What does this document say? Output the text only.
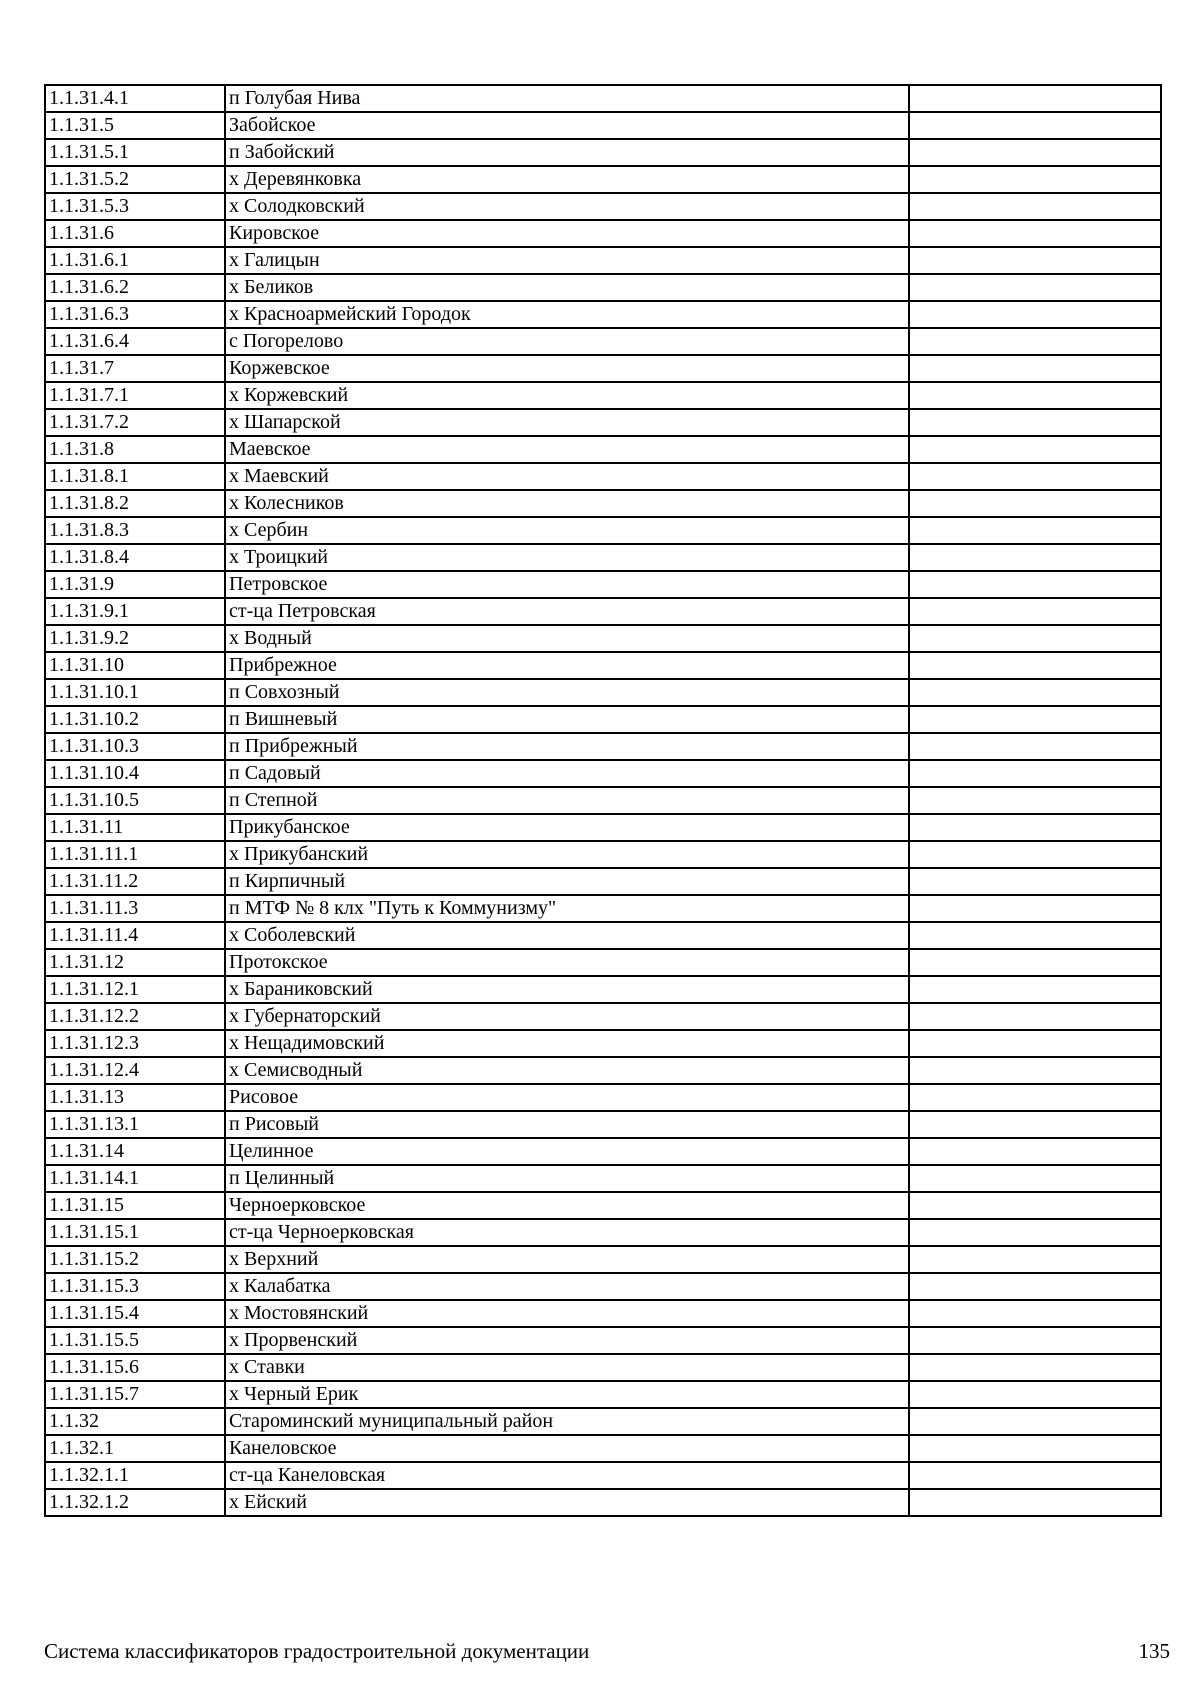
1.1.31.4.1	п Голубая Нива	
1.1.31.5	Забойское	
1.1.31.5.1	п Забойский	
1.1.31.5.2	х Деревянковка	
1.1.31.5.3	х Солодковский	
1.1.31.6	Кировское	
1.1.31.6.1	х Галицын	
1.1.31.6.2	х Беликов	
1.1.31.6.3	х Красноармейский Городок	
1.1.31.6.4	с Погорелово	
1.1.31.7	Коржевское	
1.1.31.7.1	х Коржевский	
1.1.31.7.2	х Шапарской	
1.1.31.8	Маевское	
1.1.31.8.1	х Маевский	
1.1.31.8.2	х Колесников	
1.1.31.8.3	х Сербин	
1.1.31.8.4	х Троицкий	
1.1.31.9	Петровское	
1.1.31.9.1	ст-ца Петровская	
1.1.31.9.2	х Водный	
1.1.31.10	Прибрежное	
1.1.31.10.1	п Совхозный	
1.1.31.10.2	п Вишневый	
1.1.31.10.3	п Прибрежный	
1.1.31.10.4	п Садовый	
1.1.31.10.5	п Степной	
1.1.31.11	Прикубанское	
1.1.31.11.1	х Прикубанский	
1.1.31.11.2	п Кирпичный	
1.1.31.11.3	п МТФ № 8 клх "Путь к Коммунизму"	
1.1.31.11.4	х Соболевский	
1.1.31.12	Протокское	
1.1.31.12.1	х Бараниковский	
1.1.31.12.2	х Губернаторский	
1.1.31.12.3	х Нещадимовский	
1.1.31.12.4	х Семисводный	
1.1.31.13	Рисовое	
1.1.31.13.1	п Рисовый	
1.1.31.14	Целинное	
1.1.31.14.1	п Целинный	
1.1.31.15	Черноерковское	
1.1.31.15.1	ст-ца Черноерковская	
1.1.31.15.2	х Верхний	
1.1.31.15.3	х Калабатка	
1.1.31.15.4	х Мостовянский	
1.1.31.15.5	х Прорвенский	
1.1.31.15.6	х Ставки	
1.1.31.15.7	х Черный Ерик	
1.1.32	Староминский муниципальный район	
1.1.32.1	Канеловское	
1.1.32.1.1	ст-ца Канеловская	
1.1.32.1.2	х Ейский	
Система классификаторов градостроительной документации	135
